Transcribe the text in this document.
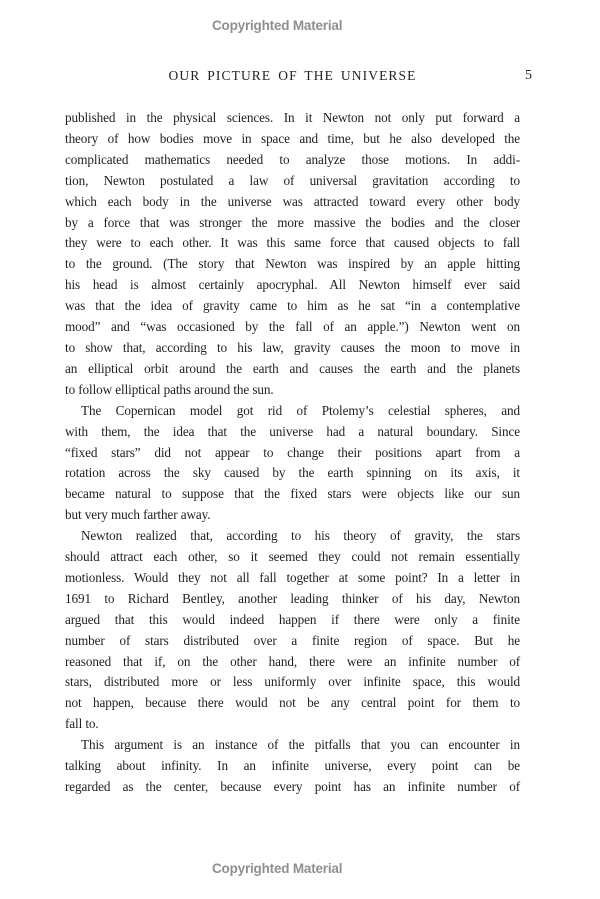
Copyrighted Material
OUR PICTURE OF THE UNIVERSE	5
published in the physical sciences. In it Newton not only put forward a
theory of how bodies move in space and time, but he also developed the
complicated mathematics needed to analyze those motions. In addi-
tion, Newton postulated a law of universal gravitation according to
which each body in the universe was attracted toward every other body
by a force that was stronger the more massive the bodies and the closer
they were to each other. It was this same force that caused objects to fall
to the ground. (The story that Newton was inspired by an apple hitting
his head is almost certainly apocryphal. All Newton himself ever said
was that the idea of gravity came to him as he sat “in a contemplative
mood” and “was occasioned by the fall of an apple.”) Newton went on
to show that, according to his law, gravity causes the moon to move in
an elliptical orbit around the earth and causes the earth and the planets
to follow elliptical paths around the sun.
The Copernican model got rid of Ptolemy’s celestial spheres, and
with them, the idea that the universe had a natural boundary. Since
“fixed stars” did not appear to change their positions apart from a
rotation across the sky caused by the earth spinning on its axis, it
became natural to suppose that the fixed stars were objects like our sun
but very much farther away.
Newton realized that, according to his theory of gravity, the stars
should attract each other, so it seemed they could not remain essentially
motionless. Would they not all fall together at some point? In a letter in
1691 to Richard Bentley, another leading thinker of his day, Newton
argued that this would indeed happen if there were only a finite
number of stars distributed over a finite region of space. But he
reasoned that if, on the other hand, there were an infinite number of
stars, distributed more or less uniformly over infinite space, this would
not happen, because there would not be any central point for them to
fall to.
This argument is an instance of the pitfalls that you can encounter in
talking about infinity. In an infinite universe, every point can be
regarded as the center, because every point has an infinite number of
Copyrighted Material
